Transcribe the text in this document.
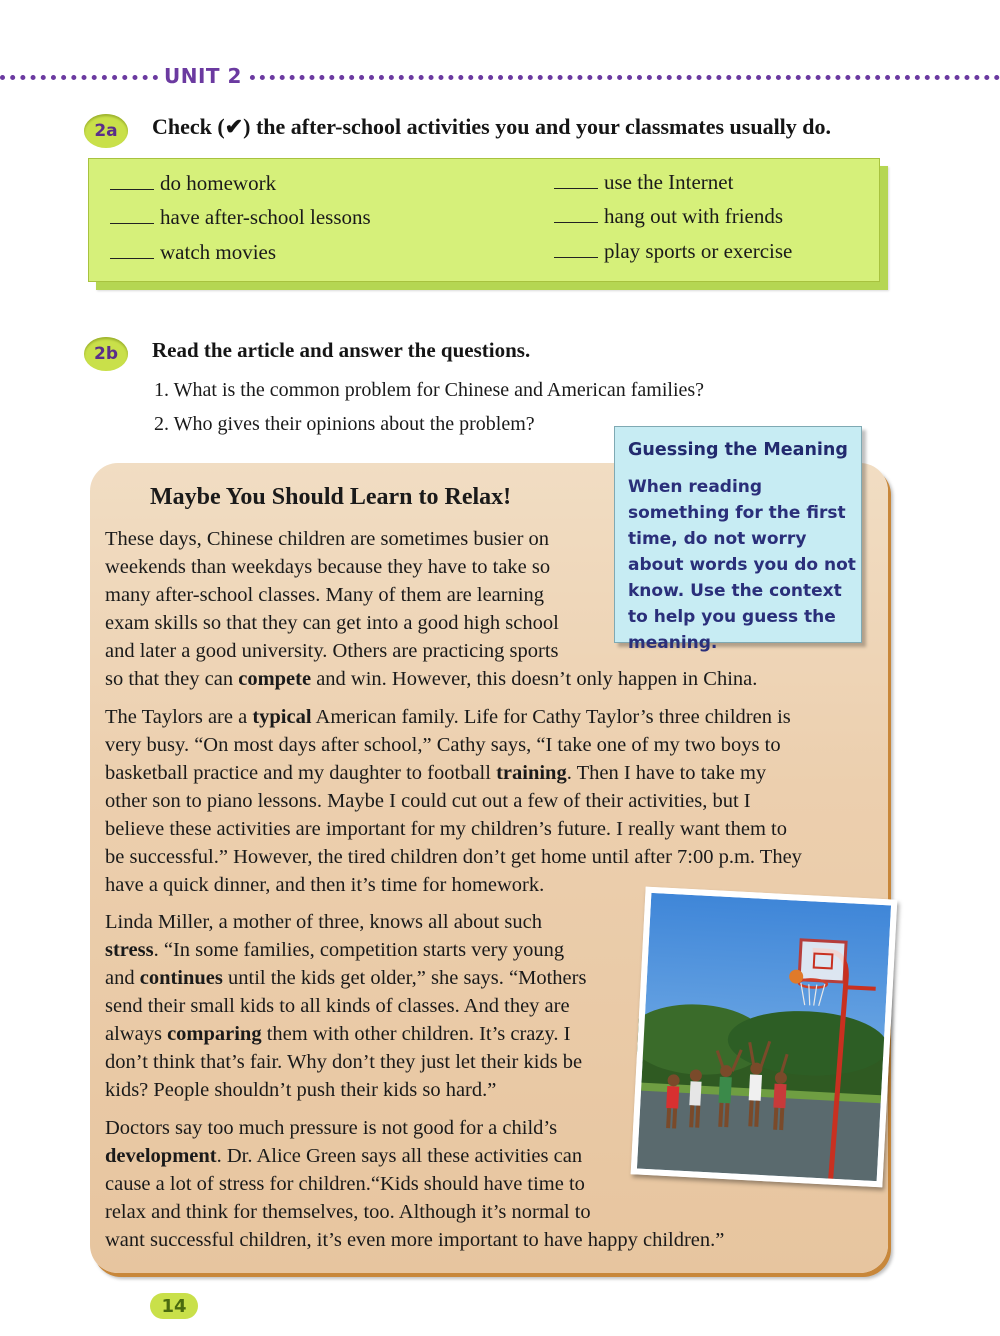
UNIT 2
2a	Check (✔) the after-school activities you and your classmates usually do.
do homework
have after-school lessons
watch movies
use the Internet
hang out with friends
play sports or exercise
2b	Read the article and answer the questions.
1. What is the common problem for Chinese and American families?
2. Who gives their opinions about the problem?
Maybe You Should Learn to Relax!
Guessing the Meaning

When reading something for the first time, do not worry about words you do not know. Use the context to help you guess the meaning.

These days, Chinese children are sometimes busier on
weekends than weekdays because they have to take so
many after-school classes. Many of them are learning
exam skills so that they can get into a good high school
and later a good university. Others are practicing sports
so that they can compete and win. However, this doesn’t only happen in China.
The Taylors are a typical American family. Life for Cathy Taylor’s three children is
very busy. “On most days after school,” Cathy says, “I take one of my two boys to
basketball practice and my daughter to football training. Then I have to take my
other son to piano lessons. Maybe I could cut out a few of their activities, but I
believe these activities are important for my children’s future. I really want them to
be successful.” However, the tired children don’t get home until after 7:00 p.m. They
have a quick dinner, and then it’s time for homework.
Linda Miller, a mother of three, knows all about such
stress. “In some families, competition starts very young
and continues until the kids get older,” she says. “Mothers
send their small kids to all kinds of classes. And they are
always comparing them with other children. It’s crazy. I
don’t think that’s fair. Why don’t they just let their kids be
kids? People shouldn’t push their kids so hard.”
Doctors say too much pressure is not good for a child’s
development. Dr. Alice Green says all these activities can
cause a lot of stress for children.“Kids should have time to
relax and think for themselves, too. Although it’s normal to
want successful children, it’s even more important to have happy children.”
14
